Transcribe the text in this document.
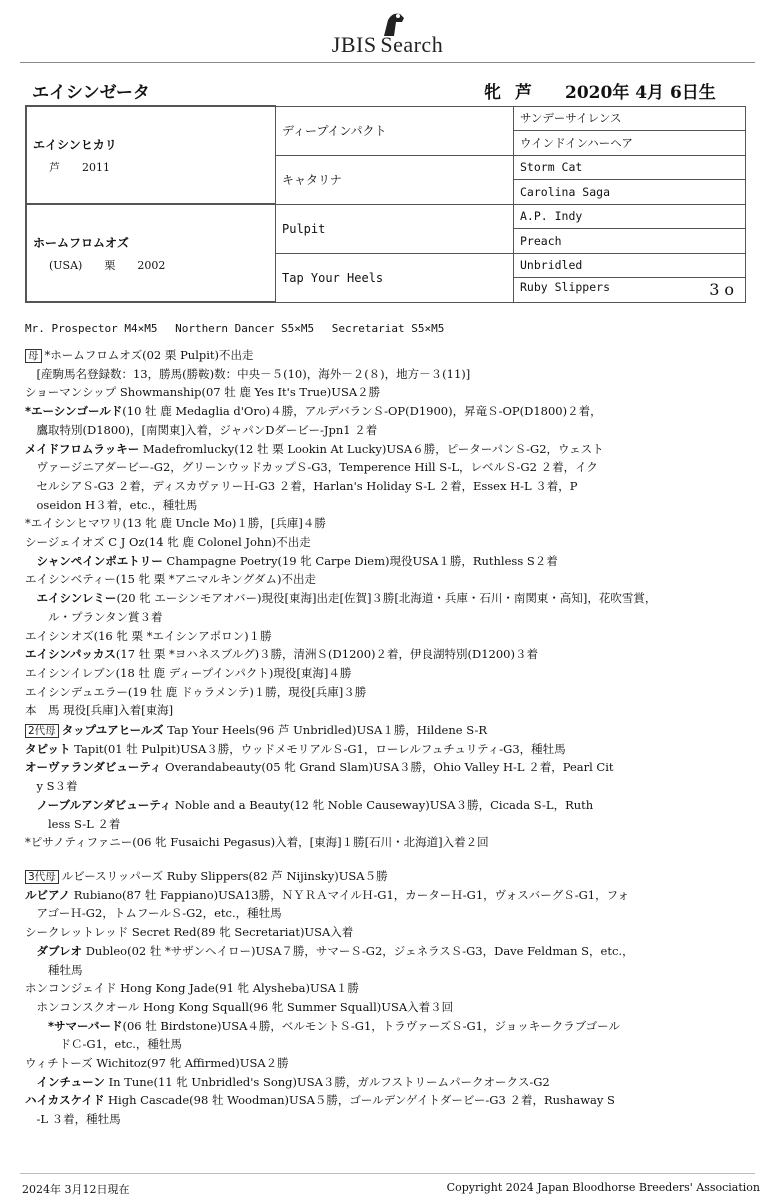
JBIS Search
エイシンゼータ	牝 芦 2020年 4月 6日生
エイシンヒカリ
芦　　2011	ディープインパクト	サンデーサイレンス
		ウインドインハーヘア
	キャタリナ	Storm Cat
		Carolina Saga

ホームフロムオズ
(USA)　　栗　　2002	Pulpit	A.P. Indy
		Preach
	Tap Your Heels	Unbridled
		Ruby Slippers 3o
Mr. Prospector M4×M5　 Northern Dancer S5×M5　 Secretariat S5×M5
母 *ホームフロムオズ(02 栗 Pulpit)不出走
　[産駒馬名登録数：13，勝馬(勝鞍)数：中央－５(10)，海外－２(８)，地方－３(11)]
ショーマンシップ Showmanship(07 牡 鹿 Yes It's True)USA２勝
*エーシンゴールド(10 牡 鹿 Medaglia d'Oro)４勝，アルデバランＳ-OP(D1900)，昇竜Ｓ-OP(D1800)２着，
　鷹取特別(D1800)，[南関東]入着，ジャパンDダービー-Jpn1 ２着
メイドフロムラッキー Madefromlucky(12 牡 栗 Lookin At Lucky)USA６勝，ピーターパンＳ-G2，ウェスト
　ヴァージニアダービー-G2，グリーンウッドカップＳ-G3，Temperence Hill S-L，レベルＳ-G2 ２着，イク
　セルシアＳ-G3 ２着，ディスカヴァリーＨ-G3 ２着，Harlan's Holiday S-L ２着，Essex H-L ３着，P
　oseidon H３着，etc.，種牡馬
*エイシンヒマワリ(13 牝 鹿 Uncle Mo)１勝，[兵庫]４勝
シージェイオズ C J Oz(14 牝 鹿 Colonel John)不出走
　シャンペインポエトリー Champagne Poetry(19 牝 Carpe Diem)現役USA１勝，Ruthless S２着
エイシンベティー(15 牝 栗 *アニマルキングダム)不出走
　エイシンレミー(20 牝 エーシンモアオバー)現役[東海]出走[佐賀]３勝[北海道・兵庫・石川・南関東・高知]，花吹雪賞，
　　ル・プランタン賞３着
エイシンオズ(16 牝 栗 *エイシンアポロン)１勝
エイシンパッカス(17 牡 栗 *ヨハネスブルグ)３勝，清洲Ｓ(D1200)２着，伊良湖特別(D1200)３着
エイシンイレブン(18 牡 鹿 ディープインパクト)現役[東海]４勝
エイシンデュエラー(19 牡 鹿 ドゥラメンテ)１勝，現役[兵庫]３勝
本　馬 現役[兵庫]入着[東海]
2代母 タップユアヒールズ Tap Your Heels(96 芦 Unbridled)USA１勝，Hildene S-R
タピット Tapit(01 牡 Pulpit)USA３勝，ウッドメモリアルＳ-G1，ローレルフュチュリティ-G3，種牡馬
オーヴァランダビューティ Overandabeauty(05 牝 Grand Slam)USA３勝，Ohio Valley H-L ２着，Pearl Cit
　y S３着
　ノーブルアンダビューティ Noble and a Beauty(12 牝 Noble Causeway)USA３勝，Cicada S-L，Ruth
　　less S-L ２着
*ピサノティファニー(06 牝 Fusaichi Pegasus)入着，[東海]１勝[石川・北海道]入着２回
3代母 ルビースリッパーズ Ruby Slippers(82 芦 Nijinsky)USA５勝
ルビアノ Rubiano(87 牡 Fappiano)USA13勝，ＮＹＲＡマイルＨ-G1，カーターＨ-G1，ヴォスバーグＳ-G1，フォ
　アゴーＨ-G2，トムフールＳ-G2，etc.，種牡馬
シークレットレッド Secret Red(89 牝 Secretariat)USA入着
　ダブレオ Dubleo(02 牡 *サザンヘイロー)USA７勝，サマーＳ-G2，ジェネラスＳ-G3，Dave Feldman S，etc.，
　　種牡馬
ホンコンジェイド Hong Kong Jade(91 牝 Alysheba)USA１勝
　ホンコンスクオール Hong Kong Squall(96 牝 Summer Squall)USA入着３回
　　*サマーバード(06 牡 Birdstone)USA４勝，ベルモントＳ-G1，トラヴァーズＳ-G1，ジョッキークラブゴール
　　　ドＣ-G1，etc.，種牡馬
ウィチトーズ Wichitoz(97 牝 Affirmed)USA２勝
　インチューン In Tune(11 牝 Unbridled's Song)USA３勝，ガルフストリームパークオークス-G2
ハイカスケイド High Cascade(98 牡 Woodman)USA５勝，ゴールデンゲイトダービー-G3 ２着，Rushaway S
　-L ３着，種牡馬
2024年 3月12日現在	Copyright 2024 Japan Bloodhorse Breeders' Association
